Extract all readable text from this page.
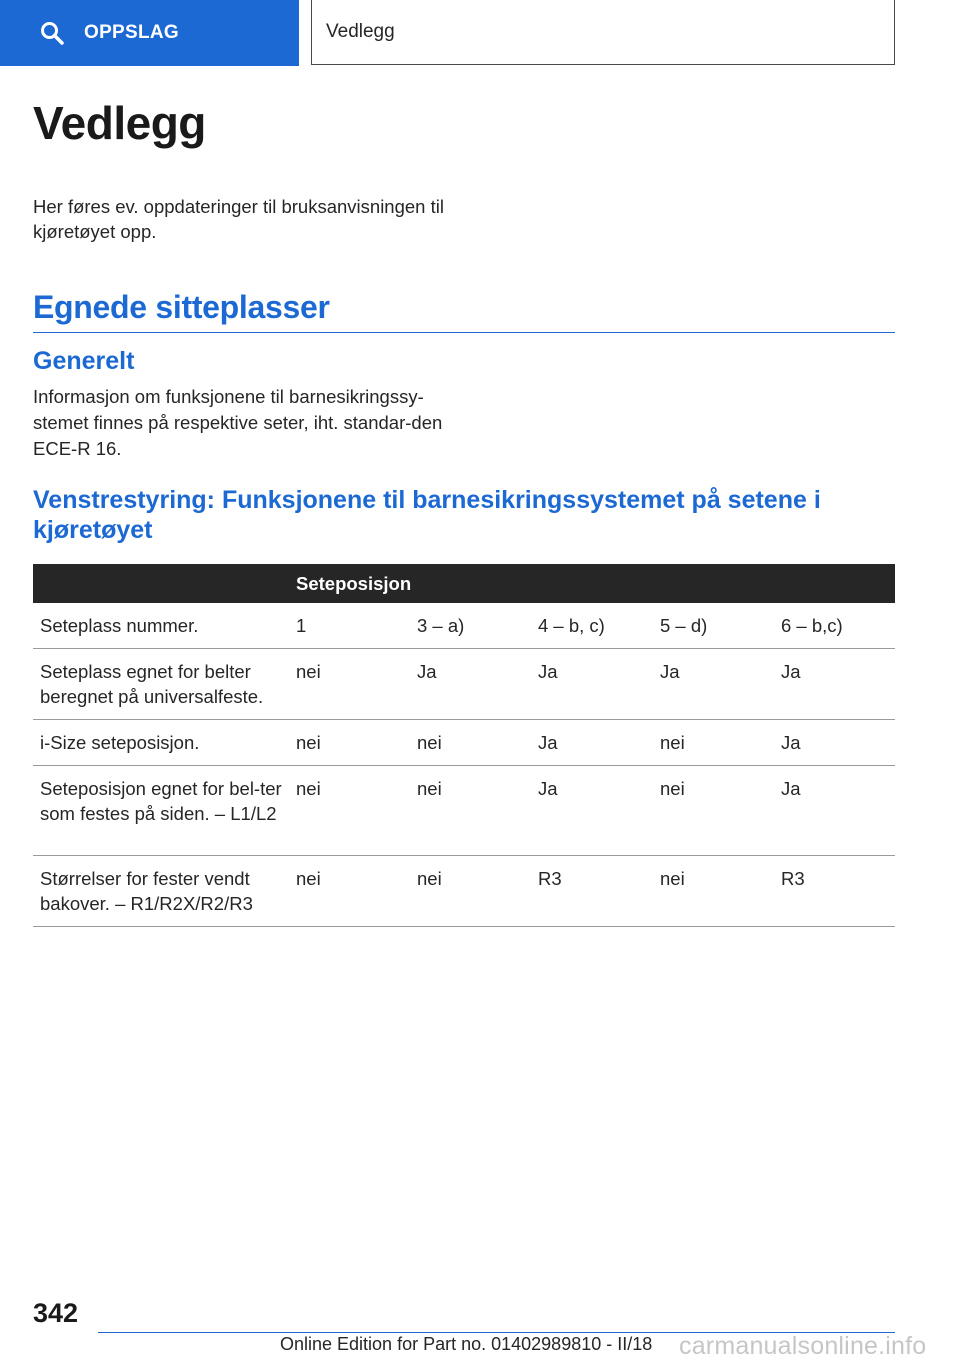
OPPSLAG	Vedlegg
Vedlegg

Her føres ev. oppdateringer til bruksanvisningen til kjøretøyet opp.

Egnede sitteplasser
Generelt

Informasjon om funksjonene til barnesikringssy-stemet finnes på respektive seter, iht. standar-den ECE-R 16.

Venstrestyring: Funksjonene til barnesikringssystemet på setene i kjøretøyet
	Seteposisjon				
Seteplass nummer.	1	3 – a)	4 – b, c)	5 – d)	6 – b,c)
Seteplass egnet for belter beregnet på universalfeste.	nei	Ja	Ja	Ja	Ja
i-Size seteposisjon.	nei	nei	Ja	nei	Ja
Seteposisjon egnet for bel-ter som festes på siden. – L1/L2	nei	nei	Ja	nei	Ja
Størrelser for fester vendt bakover. – R1/R2X/R2/R3	nei	nei	R3	nei	R3
342
Online Edition for Part no. 01402989810 - II/18 carmanualsonline.info
